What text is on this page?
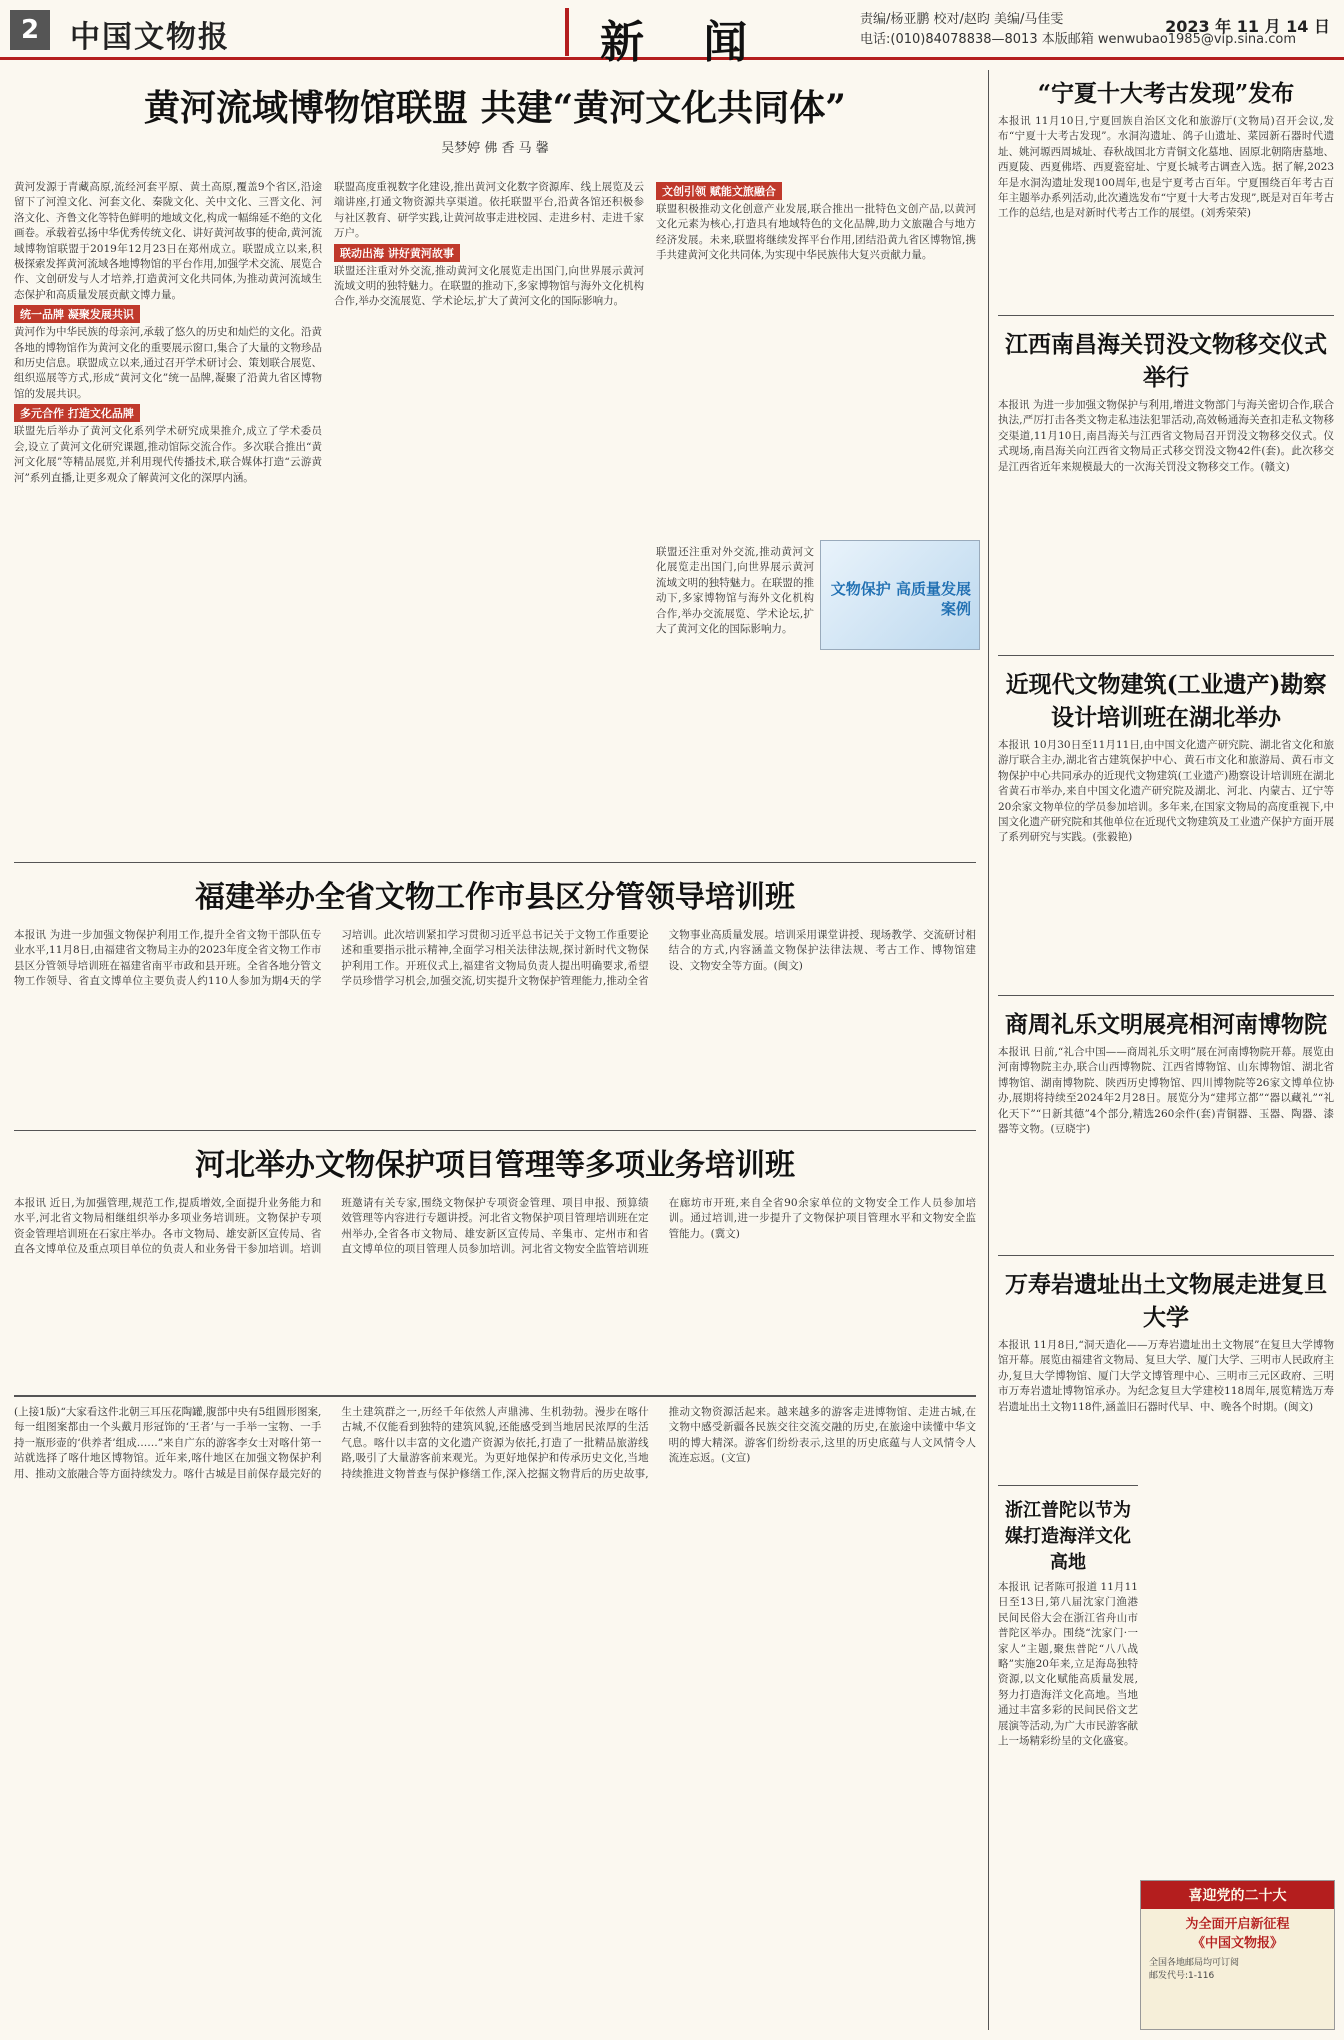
2	中国文物报	新 闻	责编/杨亚鹏 校对/赵昀 美编/马佳雯
电话:(010)84078838—8013 本版邮箱 wenwubao1985@vip.sina.com
2023 年 11 月 14 日
黄河流域博物馆联盟 共建“黄河文化共同体”
吴梦婷 佛 香 马 馨

黄河发源于青藏高原,流经河套平原、黄土高原,覆盖9个省区,沿途留下了河湟文化、河套文化、秦陇文化、关中文化、三晋文化、河洛文化、齐鲁文化等特色鲜明的地域文化,构成一幅绵延不绝的文化画卷。承载着弘扬中华优秀传统文化、讲好黄河故事的使命,黄河流域博物馆联盟于2019年12月23日在郑州成立。联盟成立以来,积极探索发挥黄河流域各地博物馆的平台作用,加强学术交流、展览合作、文创研发与人才培养,打造黄河文化共同体,为推动黄河流域生态保护和高质量发展贡献文博力量。

统一品牌 凝聚发展共识

黄河作为中华民族的母亲河,承载了悠久的历史和灿烂的文化。沿黄各地的博物馆作为黄河文化的重要展示窗口,集合了大量的文物珍品和历史信息。联盟成立以来,通过召开学术研讨会、策划联合展览、组织巡展等方式,形成“黄河文化”统一品牌,凝聚了沿黄九省区博物馆的发展共识。

多元合作 打造文化品牌

联盟先后举办了黄河文化系列学术研究成果推介,成立了学术委员会,设立了黄河文化研究课题,推动馆际交流合作。多次联合推出“黄河文化展”等精品展览,并利用现代传播技术,联合媒体打造“云游黄河”系列直播,让更多观众了解黄河文化的深厚内涵。

联盟高度重视数字化建设,推出黄河文化数字资源库、线上展览及云端讲座,打通文物资源共享渠道。依托联盟平台,沿黄各馆还积极参与社区教育、研学实践,让黄河故事走进校园、走进乡村、走进千家万户。

联动出海 讲好黄河故事

联盟还注重对外交流,推动黄河文化展览走出国门,向世界展示黄河流域文明的独特魅力。在联盟的推动下,多家博物馆与海外文化机构合作,举办交流展览、学术论坛,扩大了黄河文化的国际影响力。

文创引领 赋能文旅融合

联盟积极推动文化创意产业发展,联合推出一批特色文创产品,以黄河文化元素为核心,打造具有地域特色的文化品牌,助力文旅融合与地方经济发展。未来,联盟将继续发挥平台作用,团结沿黄九省区博物馆,携手共建黄河文化共同体,为实现中华民族伟大复兴贡献力量。

联盟还注重对外交流,推动黄河文化展览走出国门,向世界展示黄河流域文明的独特魅力。在联盟的推动下,多家博物馆与海外文化机构合作,举办交流展览、学术论坛,扩大了黄河文化的国际影响力。

文物保护 高质量发展案例
福建举办全省文物工作市县区分管领导培训班
本报讯 为进一步加强文物保护利用工作,提升全省文物干部队伍专业水平,11月8日,由福建省文物局主办的2023年度全省文物工作市县区分管领导培训班在福建省南平市政和县开班。全省各地分管文物工作领导、省直文博单位主要负责人约110人参加为期4天的学习培训。此次培训紧扣学习贯彻习近平总书记关于文物工作重要论述和重要指示批示精神,全面学习相关法律法规,探讨新时代文物保护利用工作。开班仪式上,福建省文物局负责人提出明确要求,希望学员珍惜学习机会,加强交流,切实提升文物保护管理能力,推动全省文物事业高质量发展。培训采用课堂讲授、现场教学、交流研讨相结合的方式,内容涵盖文物保护法律法规、考古工作、博物馆建设、文物安全等方面。(闽文)
河北举办文物保护项目管理等多项业务培训班
本报讯 近日,为加强管理,规范工作,提质增效,全面提升业务能力和水平,河北省文物局相继组织举办多项业务培训班。文物保护专项资金管理培训班在石家庄举办。各市文物局、雄安新区宣传局、省直各文博单位及重点项目单位的负责人和业务骨干参加培训。培训班邀请有关专家,围绕文物保护专项资金管理、项目申报、预算绩效管理等内容进行专题讲授。河北省文物保护项目管理培训班在定州举办,全省各市文物局、雄安新区宣传局、辛集市、定州市和省直文博单位的项目管理人员参加培训。河北省文物安全监管培训班在廊坊市开班,来自全省90余家单位的文物安全工作人员参加培训。通过培训,进一步提升了文物保护项目管理水平和文物安全监管能力。(冀文)
(上接1版)“大家看这件北朝三耳压花陶罐,腹部中央有5组圆形图案,每一组图案都由一个头戴月形冠饰的‘王者’与一手举一宝物、一手持一瓶形壶的‘供养者’组成……”来自广东的游客李女士对喀什第一站就选择了喀什地区博物馆。近年来,喀什地区在加强文物保护利用、推动文旅融合等方面持续发力。喀什古城是目前保存最完好的生土建筑群之一,历经千年依然人声鼎沸、生机勃勃。漫步在喀什古城,不仅能看到独特的建筑风貌,还能感受到当地居民浓厚的生活气息。喀什以丰富的文化遗产资源为依托,打造了一批精品旅游线路,吸引了大量游客前来观光。为更好地保护和传承历史文化,当地持续推进文物普查与保护修缮工作,深入挖掘文物背后的历史故事,推动文物资源活起来。越来越多的游客走进博物馆、走进古城,在文物中感受新疆各民族交往交流交融的历史,在旅途中读懂中华文明的博大精深。游客们纷纷表示,这里的历史底蕴与人文风情令人流连忘返。(文宣)
“宁夏十大考古发现”发布

本报讯 11月10日,宁夏回族自治区文化和旅游厅(文物局)召开会议,发布“宁夏十大考古发现”。水洞沟遗址、鸽子山遗址、菜园新石器时代遗址、姚河塬西周城址、春秋战国北方青铜文化墓地、固原北朝隋唐墓地、西夏陵、西夏佛塔、西夏瓷窑址、宁夏长城考古调查入选。据了解,2023年是水洞沟遗址发现100周年,也是宁夏考古百年。宁夏围绕百年考古百年主题举办系列活动,此次遴选发布“宁夏十大考古发现”,既是对百年考古工作的总结,也是对新时代考古工作的展望。(刘秀荣荣)

江西南昌海关罚没文物移交仪式举行

本报讯 为进一步加强文物保护与利用,增进文物部门与海关密切合作,联合执法,严厉打击各类文物走私违法犯罪活动,高效畅通海关查扣走私文物移交渠道,11月10日,南昌海关与江西省文物局召开罚没文物移交仪式。仪式现场,南昌海关向江西省文物局正式移交罚没文物42件(套)。此次移交是江西省近年来规模最大的一次海关罚没文物移交工作。(赣文)

近现代文物建筑(工业遗产)勘察设计培训班在湖北举办

本报讯 10月30日至11月11日,由中国文化遗产研究院、湖北省文化和旅游厅联合主办,湖北省古建筑保护中心、黄石市文化和旅游局、黄石市文物保护中心共同承办的近现代文物建筑(工业遗产)勘察设计培训班在湖北省黄石市举办,来自中国文化遗产研究院及湖北、河北、内蒙古、辽宁等20余家文物单位的学员参加培训。多年来,在国家文物局的高度重视下,中国文化遗产研究院和其他单位在近现代文物建筑及工业遗产保护方面开展了系列研究与实践。(张毅艳)

商周礼乐文明展亮相河南博物院

本报讯 日前,“礼合中国——商周礼乐文明”展在河南博物院开幕。展览由河南博物院主办,联合山西博物院、江西省博物馆、山东博物馆、湖北省博物馆、湖南博物院、陕西历史博物馆、四川博物院等26家文博单位协办,展期将持续至2024年2月28日。展览分为“建邦立都”“器以藏礼”“礼化天下”“日新其德”4个部分,精选260余件(套)青铜器、玉器、陶器、漆器等文物。(豆晓宇)

万寿岩遗址出土文物展走进复旦大学

本报讯 11月8日,“洞天造化——万寿岩遗址出土文物展”在复旦大学博物馆开幕。展览由福建省文物局、复旦大学、厦门大学、三明市人民政府主办,复旦大学博物馆、厦门大学文博管理中心、三明市三元区政府、三明市万寿岩遗址博物馆承办。为纪念复旦大学建校118周年,展览精选万寿岩遗址出土文物118件,涵盖旧石器时代早、中、晚各个时期。(闽文)

浙江普陀以节为媒打造海洋文化高地

本报讯 记者陈可报道 11月11日至13日,第八届沈家门渔港民间民俗大会在浙江省舟山市普陀区举办。围绕“沈家门·一家人”主题,聚焦普陀“八八战略”实施20年来,立足海岛独特资源,以文化赋能高质量发展,努力打造海洋文化高地。当地通过丰富多彩的民间民俗文艺展演等活动,为广大市民游客献上一场精彩纷呈的文化盛宴。

喜迎党的二十大
为全面开启新征程
《中国文物报》
全国各地邮局均可订阅
邮发代号:1-116
